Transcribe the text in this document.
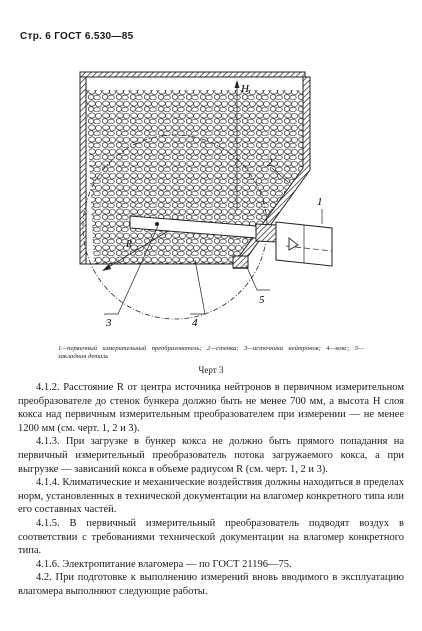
Стр. 6 ГОСТ 6.530—85
H
R
1
2
3	4
5
1—первичный измерительный преобразователь; 2—стенка; 3—источника нейтронов; 4—кокс; 5—закладная деталь
Черт 3

4.1.2. Расстояние R от центра источника нейтронов в первичном измерительном преобразователе до стенок бункера должно быть не менее 700 мм, а высота H слоя кокса над первичным измерительным преобразователем при измерении — не менее 1200 мм (см. черт. 1, 2 и 3).

4.1.3. При загрузке в бункер кокса не должно быть прямого попадания на первичный измерительный преобразователь потока загружаемого кокса, а при выгрузке — зависаний кокса в объеме радиусом R (см. черт. 1, 2 и 3).

4.1.4. Климатические и механические воздействия должны находиться в пределах норм, установленных в технической документации на влагомер конкретного типа или его составных частей.

4.1.5. В первичный измерительный преобразователь подводят воздух в соответствии с требованиями технической документации на влагомер конкретного типа.

4.1.6. Электропитание влагомера — по ГОСТ 21196—75.

4.2. При подготовке к выполнению измерений вновь вводимого в эксплуатацию влагомера выполняют следующие работы.
